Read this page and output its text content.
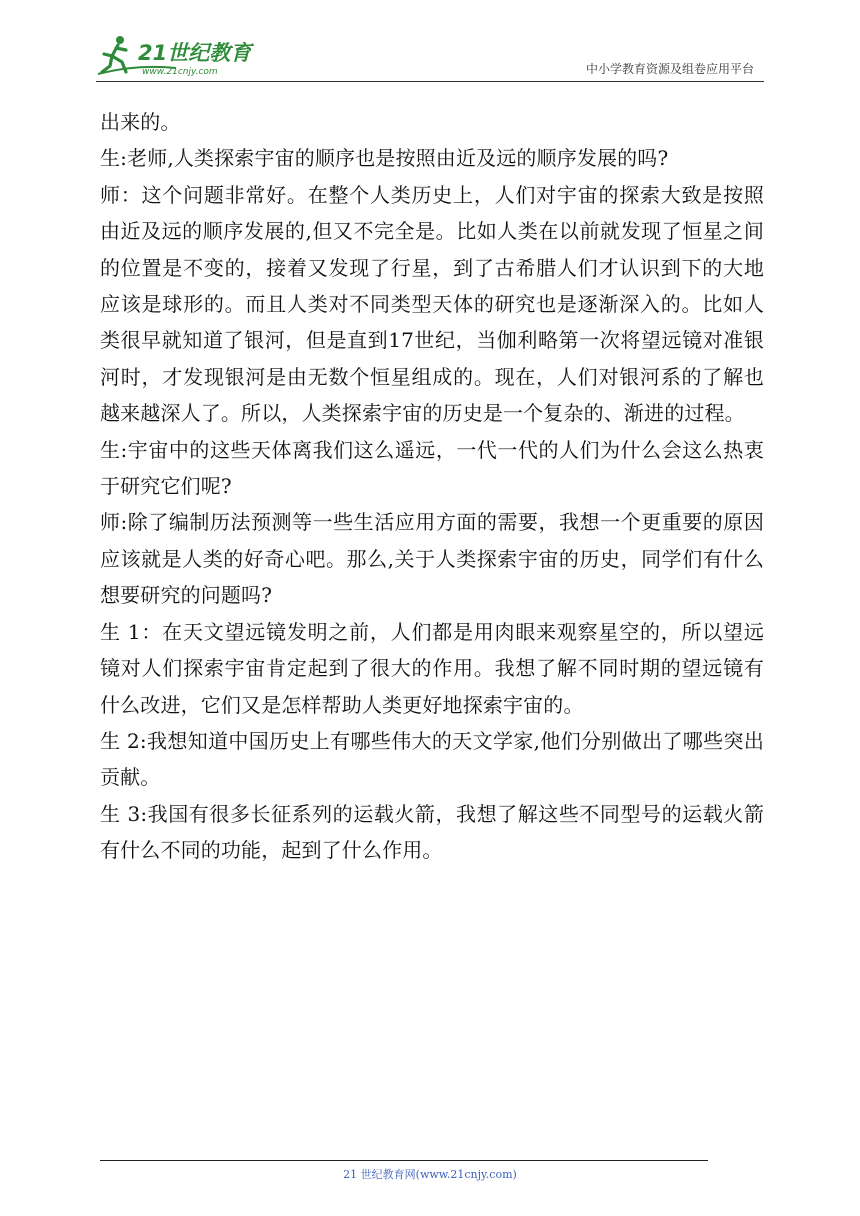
21世纪教育
www.21cnjy.com	中小学教育资源及组卷应用平台

出来的。

生:老师,人类探索宇宙的顺序也是按照由近及远的顺序发展的吗?

师：这个问题非常好。在整个人类历史上，人们对宇宙的探索大致是按照由近及远的顺序发展的,但又不完全是。比如人类在以前就发现了恒星之间的位置是不变的，接着又发现了行星，到了古希腊人们才认识到下的大地应该是球形的。而且人类对不同类型天体的研究也是逐渐深入的。比如人类很早就知道了银河，但是直到17世纪，当伽利略第一次将望远镜对准银河时，才发现银河是由无数个恒星组成的。现在，人们对银河系的了解也越来越深人了。所以，人类探索宇宙的历史是一个复杂的、渐进的过程。

生:宇宙中的这些天体离我们这么遥远，一代一代的人们为什么会这么热衷于研究它们呢?

师:除了编制历法预测等一些生活应用方面的需要，我想一个更重要的原因应该就是人类的好奇心吧。那么,关于人类探索宇宙的历史，同学们有什么想要研究的问题吗?

生 1：在天文望远镜发明之前，人们都是用肉眼来观察星空的，所以望远镜对人们探索宇宙肯定起到了很大的作用。我想了解不同时期的望远镜有什么改进，它们又是怎样帮助人类更好地探索宇宙的。

生 2:我想知道中国历史上有哪些伟大的天文学家,他们分别做出了哪些突出贡献。

生 3:我国有很多长征系列的运载火箭，我想了解这些不同型号的运载火箭有什么不同的功能，起到了什么作用。

21 世纪教育网(www.21cnjy.com)
